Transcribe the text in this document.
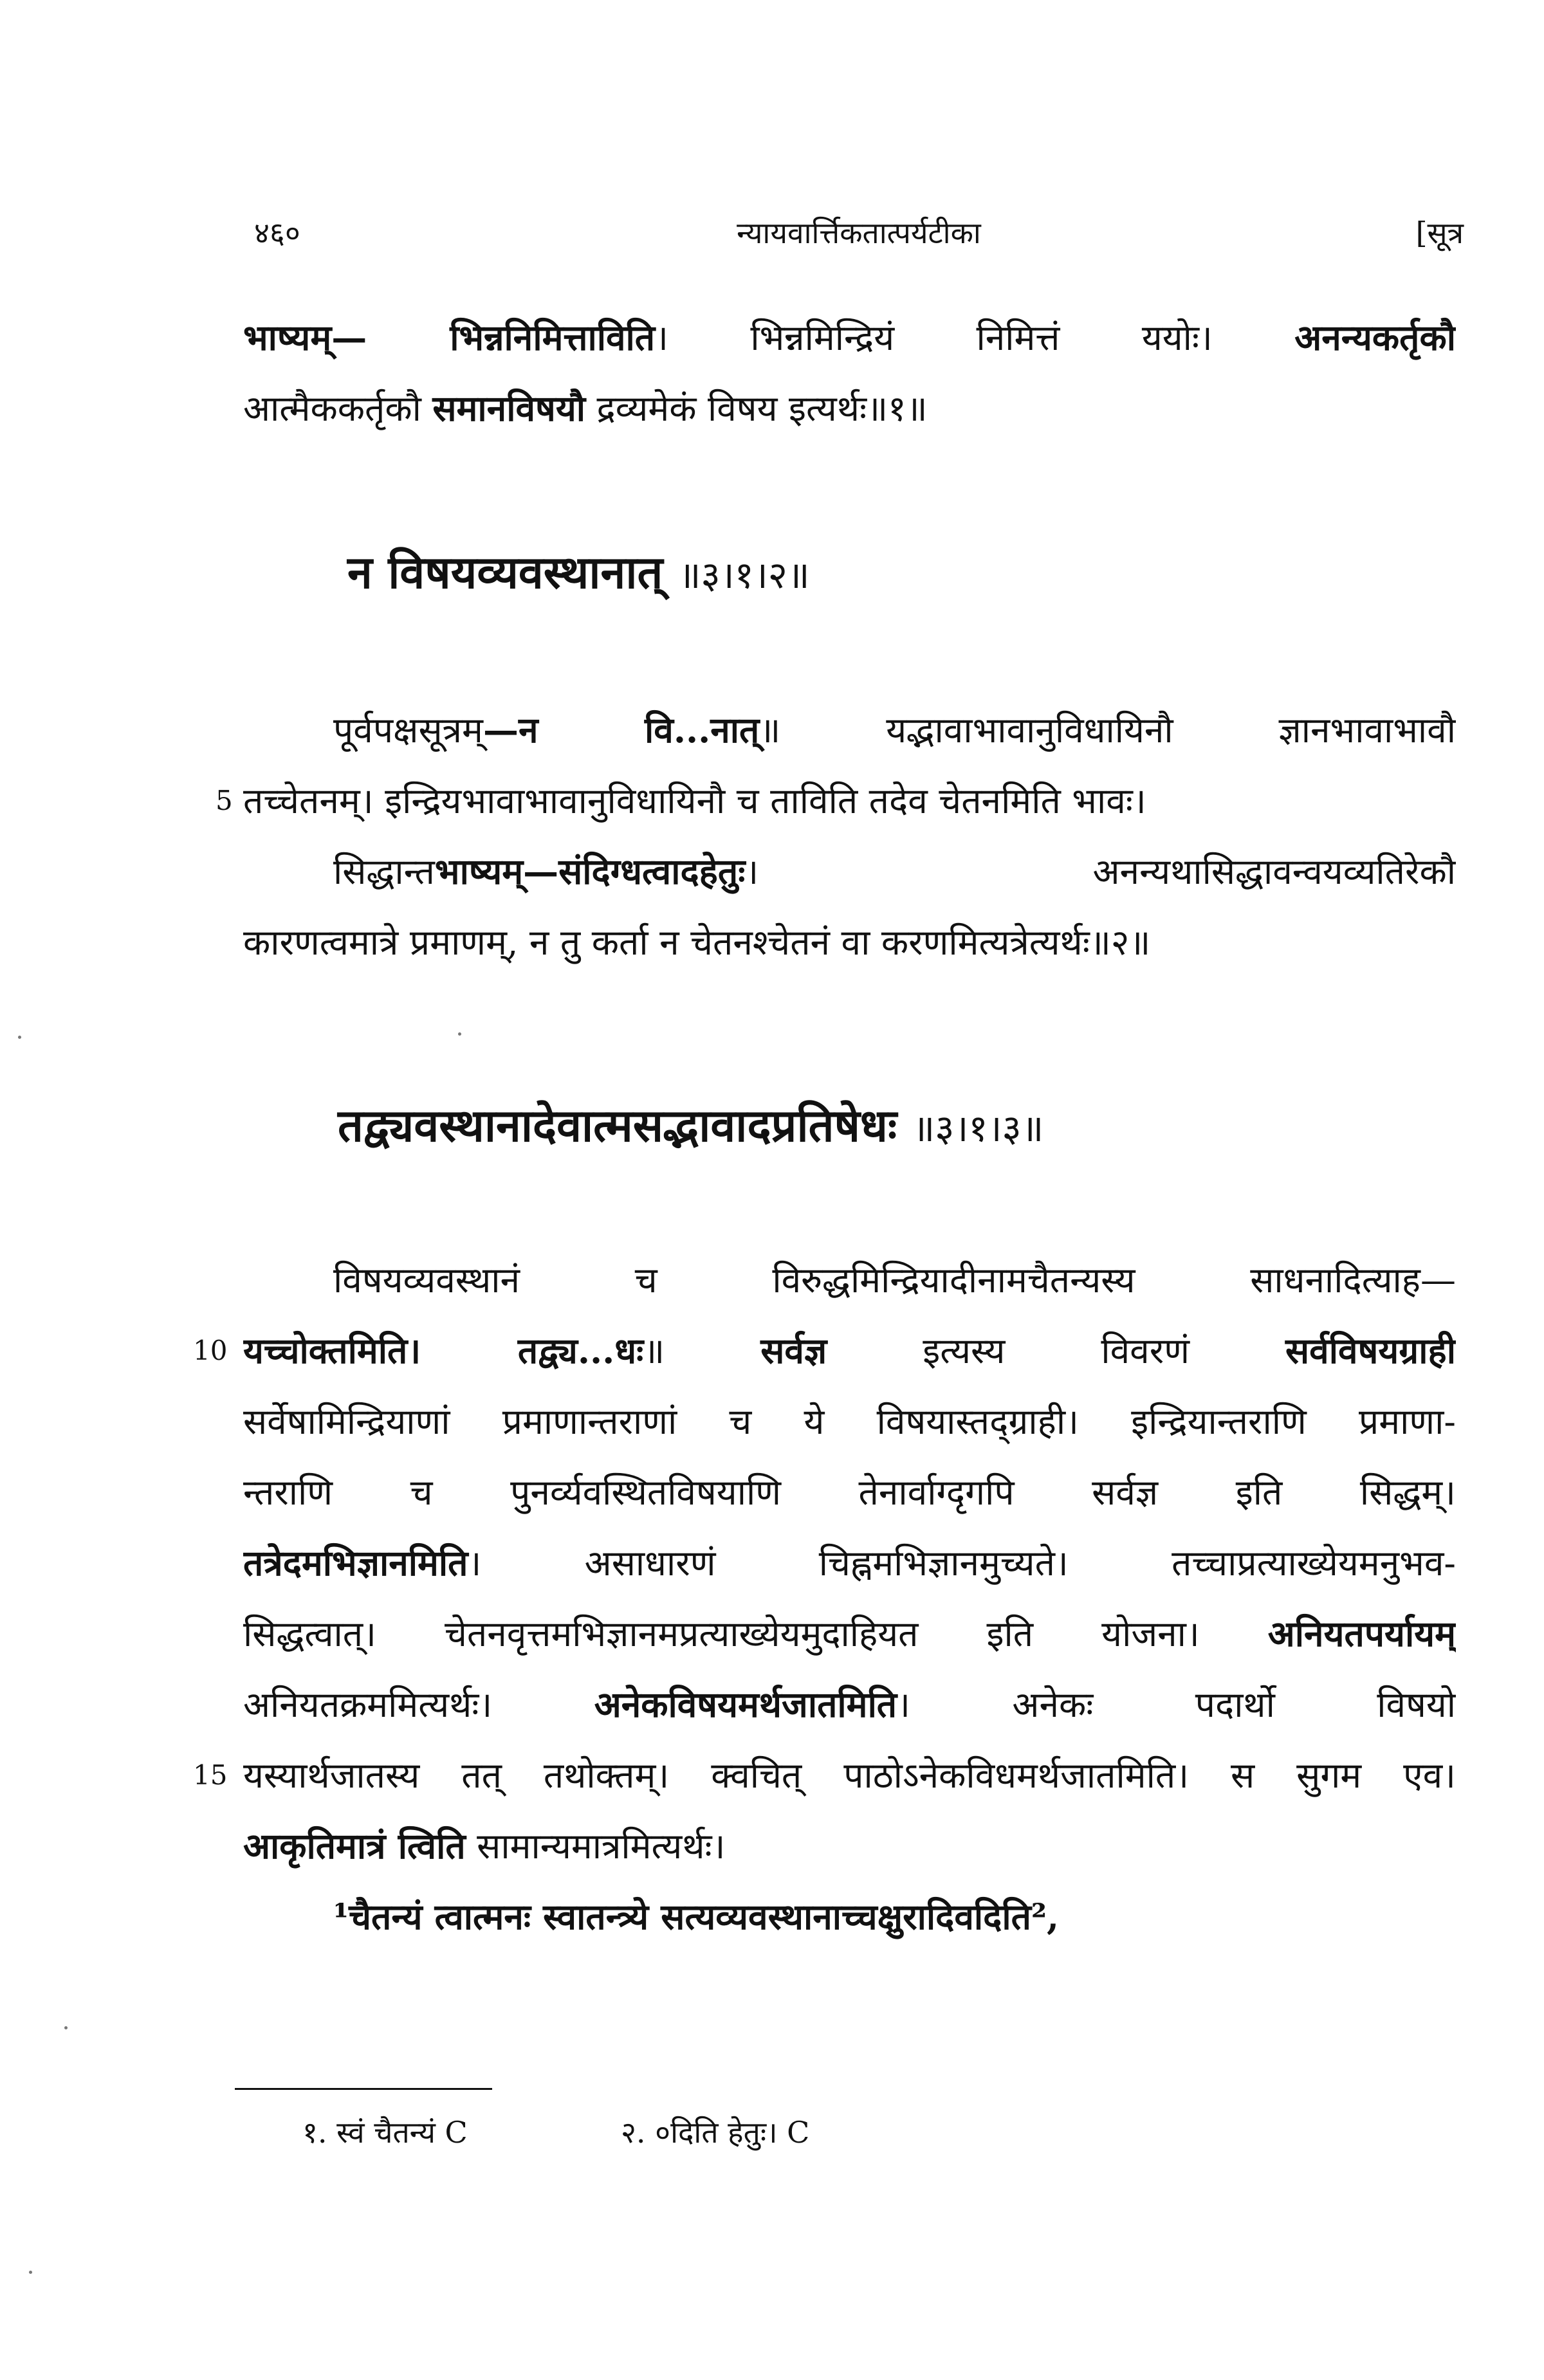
४६०	न्यायवार्त्तिकतात्पर्यटीका	[सूत्र
भाष्यम्— भिन्ननिमित्ताविति। भिन्नमिन्द्रियं निमित्तं ययोः। अनन्यकर्तृकौ
आत्मैककर्तृकौ समानविषयौ द्रव्यमेकं विषय इत्यर्थः॥१॥
न विषयव्यवस्थानात् ॥३।१।२॥
पूर्वपक्षसूत्रम्—न वि...नात्॥ यद्भावाभावानुविधायिनौ ज्ञानभावाभावौ
तच्चेतनम्। इन्द्रियभावाभावानुविधायिनौ च ताविति तदेव चेतनमिति भावः।
सिद्धान्तभाष्यम्—संदिग्धत्वादहेतुः। अनन्यथासिद्धावन्वयव्यतिरेकौ
कारणत्वमात्रे प्रमाणम्, न तु कर्ता न चेतनश्चेतनं वा करणमित्यत्रेत्यर्थः॥२॥
तद्व्यवस्थानादेवात्मसद्भावादप्रतिषेधः ॥३।१।३॥
विषयव्यवस्थानं च विरुद्धमिन्द्रियादीनामचैतन्यस्य साधनादित्याह—
यच्चोक्तमिति। तद्व्य...धः॥ सर्वज्ञ इत्यस्य विवरणं सर्वविषयग्राही
सर्वेषामिन्द्रियाणां प्रमाणान्तराणां च ये विषयास्तद्ग्राही। इन्द्रियान्तराणि प्रमाणा-
न्तराणि च पुनर्व्यवस्थितविषयाणि तेनार्वाग्दृगपि सर्वज्ञ इति सिद्धम्।
तत्रेदमभिज्ञानमिति। असाधारणं चिह्नमभिज्ञानमुच्यते। तच्चाप्रत्याख्येयमनुभव-
सिद्धत्वात्। चेतनवृत्तमभिज्ञानमप्रत्याख्येयमुदाहियत इति योजना। अनियतपर्यायम्
अनियतक्रममित्यर्थः। अनेकविषयमर्थजातमिति। अनेकः पदार्थो विषयो
यस्यार्थजातस्य तत् तथोक्तम्। क्वचित् पाठोऽनेकविधमर्थजातमिति। स सुगम एव।
आकृतिमात्रं त्विति सामान्यमात्रमित्यर्थः।
¹चैतन्यं त्वात्मनः स्वातन्त्र्ये सत्यव्यवस्थानाच्चक्षुरादिवदिति²,
5
10
15
१. स्वं चैतन्यं C	२. ०दिति हेतुः। C
